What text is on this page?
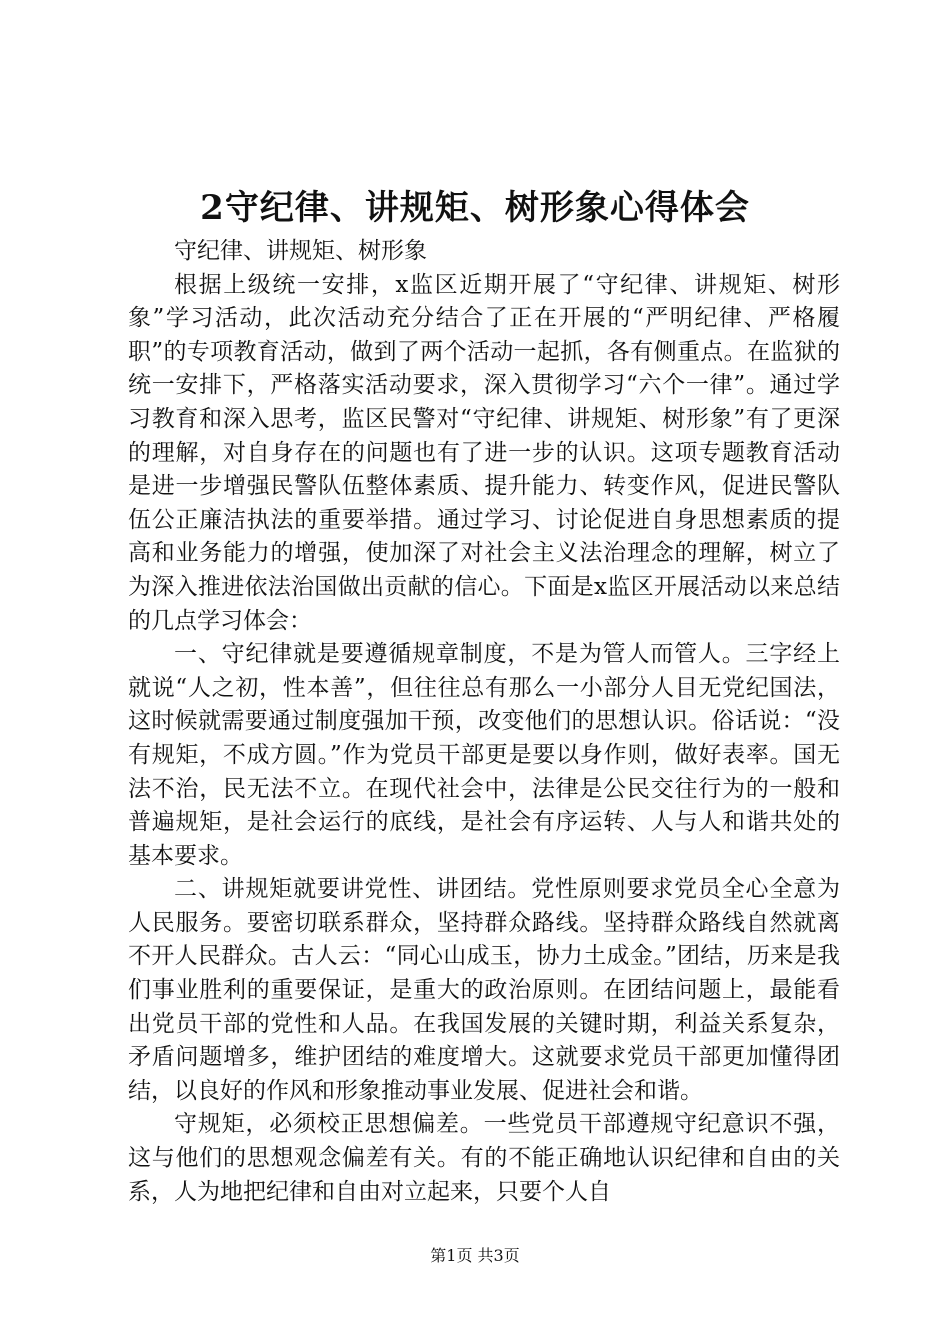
2守纪律、讲规矩、树形象心得体会

守纪律、讲规矩、树形象

根据上级统一安排，x监区近期开展了“守纪律、讲规矩、树形象”学习活动，此次活动充分结合了正在开展的“严明纪律、严格履职”的专项教育活动，做到了两个活动一起抓，各有侧重点。在监狱的统一安排下，严格落实活动要求，深入贯彻学习“六个一律”。通过学习教育和深入思考，监区民警对“守纪律、讲规矩、树形象”有了更深的理解，对自身存在的问题也有了进一步的认识。这项专题教育活动是进一步增强民警队伍整体素质、提升能力、转变作风，促进民警队伍公正廉洁执法的重要举措。通过学习、讨论促进自身思想素质的提高和业务能力的增强，使加深了对社会主义法治理念的理解，树立了为深入推进依法治国做出贡献的信心。下面是x监区开展活动以来总结的几点学习体会：

一、守纪律就是要遵循规章制度，不是为管人而管人。三字经上就说“人之初，性本善”，但往往总有那么一小部分人目无党纪国法，这时候就需要通过制度强加干预，改变他们的思想认识。俗话说：“没有规矩，不成方圆。”作为党员干部更是要以身作则，做好表率。国无法不治，民无法不立。在现代社会中，法律是公民交往行为的一般和普遍规矩，是社会运行的底线，是社会有序运转、人与人和谐共处的基本要求。

二、讲规矩就要讲党性、讲团结。党性原则要求党员全心全意为人民服务。要密切联系群众，坚持群众路线。坚持群众路线自然就离不开人民群众。古人云：“同心山成玉，协力土成金。”团结，历来是我们事业胜利的重要保证，是重大的政治原则。在团结问题上，最能看出党员干部的党性和人品。在我国发展的关键时期，利益关系复杂，矛盾问题增多，维护团结的难度增大。这就要求党员干部更加懂得团结，以良好的作风和形象推动事业发展、促进社会和谐。

守规矩，必须校正思想偏差。一些党员干部遵规守纪意识不强，这与他们的思想观念偏差有关。有的不能正确地认识纪律和自由的关系，人为地把纪律和自由对立起来，只要个人自

第1页 共3页
